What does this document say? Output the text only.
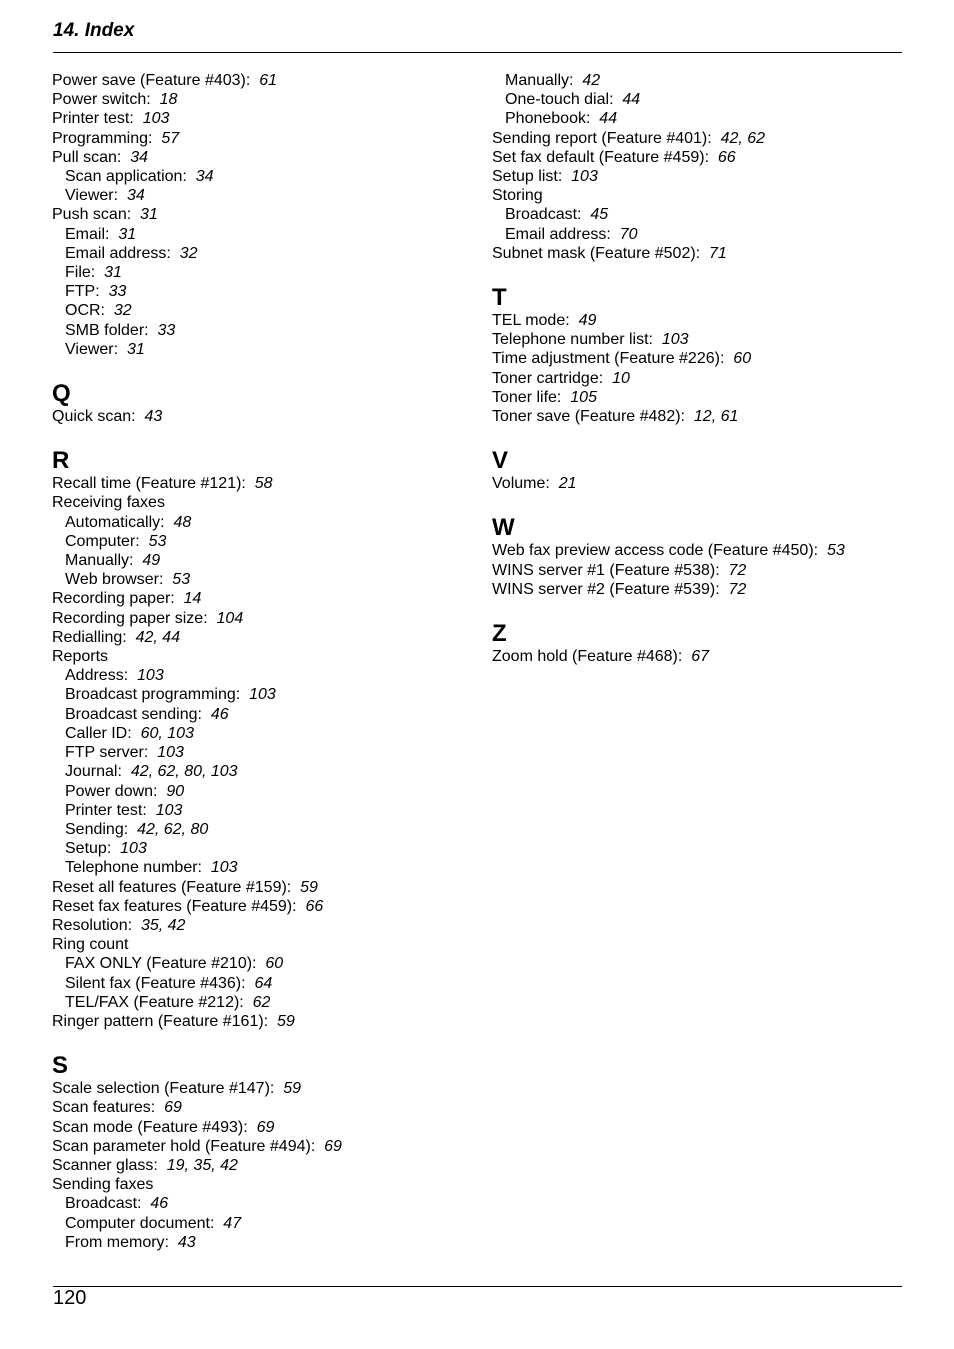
14. Index
Power save (Feature #403): 61
Power switch: 18
Printer test: 103
Programming: 57
Pull scan: 34
Scan application: 34
Viewer: 34
Push scan: 31
Email: 31
Email address: 32
File: 31
FTP: 33
OCR: 32
SMB folder: 33
Viewer: 31
Q
Quick scan: 43
R
Recall time (Feature #121): 58
Receiving faxes
Automatically: 48
Computer: 53
Manually: 49
Web browser: 53
Recording paper: 14
Recording paper size: 104
Redialling: 42, 44
Reports
Address: 103
Broadcast programming: 103
Broadcast sending: 46
Caller ID: 60, 103
FTP server: 103
Journal: 42, 62, 80, 103
Power down: 90
Printer test: 103
Sending: 42, 62, 80
Setup: 103
Telephone number: 103
Reset all features (Feature #159): 59
Reset fax features (Feature #459): 66
Resolution: 35, 42
Ring count
FAX ONLY (Feature #210): 60
Silent fax (Feature #436): 64
TEL/FAX (Feature #212): 62
Ringer pattern (Feature #161): 59
S
Scale selection (Feature #147): 59
Scan features: 69
Scan mode (Feature #493): 69
Scan parameter hold (Feature #494): 69
Scanner glass: 19, 35, 42
Sending faxes
Broadcast: 46
Computer document: 47
From memory: 43
Manually: 42
One-touch dial: 44
Phonebook: 44
Sending report (Feature #401): 42, 62
Set fax default (Feature #459): 66
Setup list: 103
Storing
Broadcast: 45
Email address: 70
Subnet mask (Feature #502): 71
T
TEL mode: 49
Telephone number list: 103
Time adjustment (Feature #226): 60
Toner cartridge: 10
Toner life: 105
Toner save (Feature #482): 12, 61
V
Volume: 21
W
Web fax preview access code (Feature #450): 53
WINS server #1 (Feature #538): 72
WINS server #2 (Feature #539): 72
Z
Zoom hold (Feature #468): 67
120
